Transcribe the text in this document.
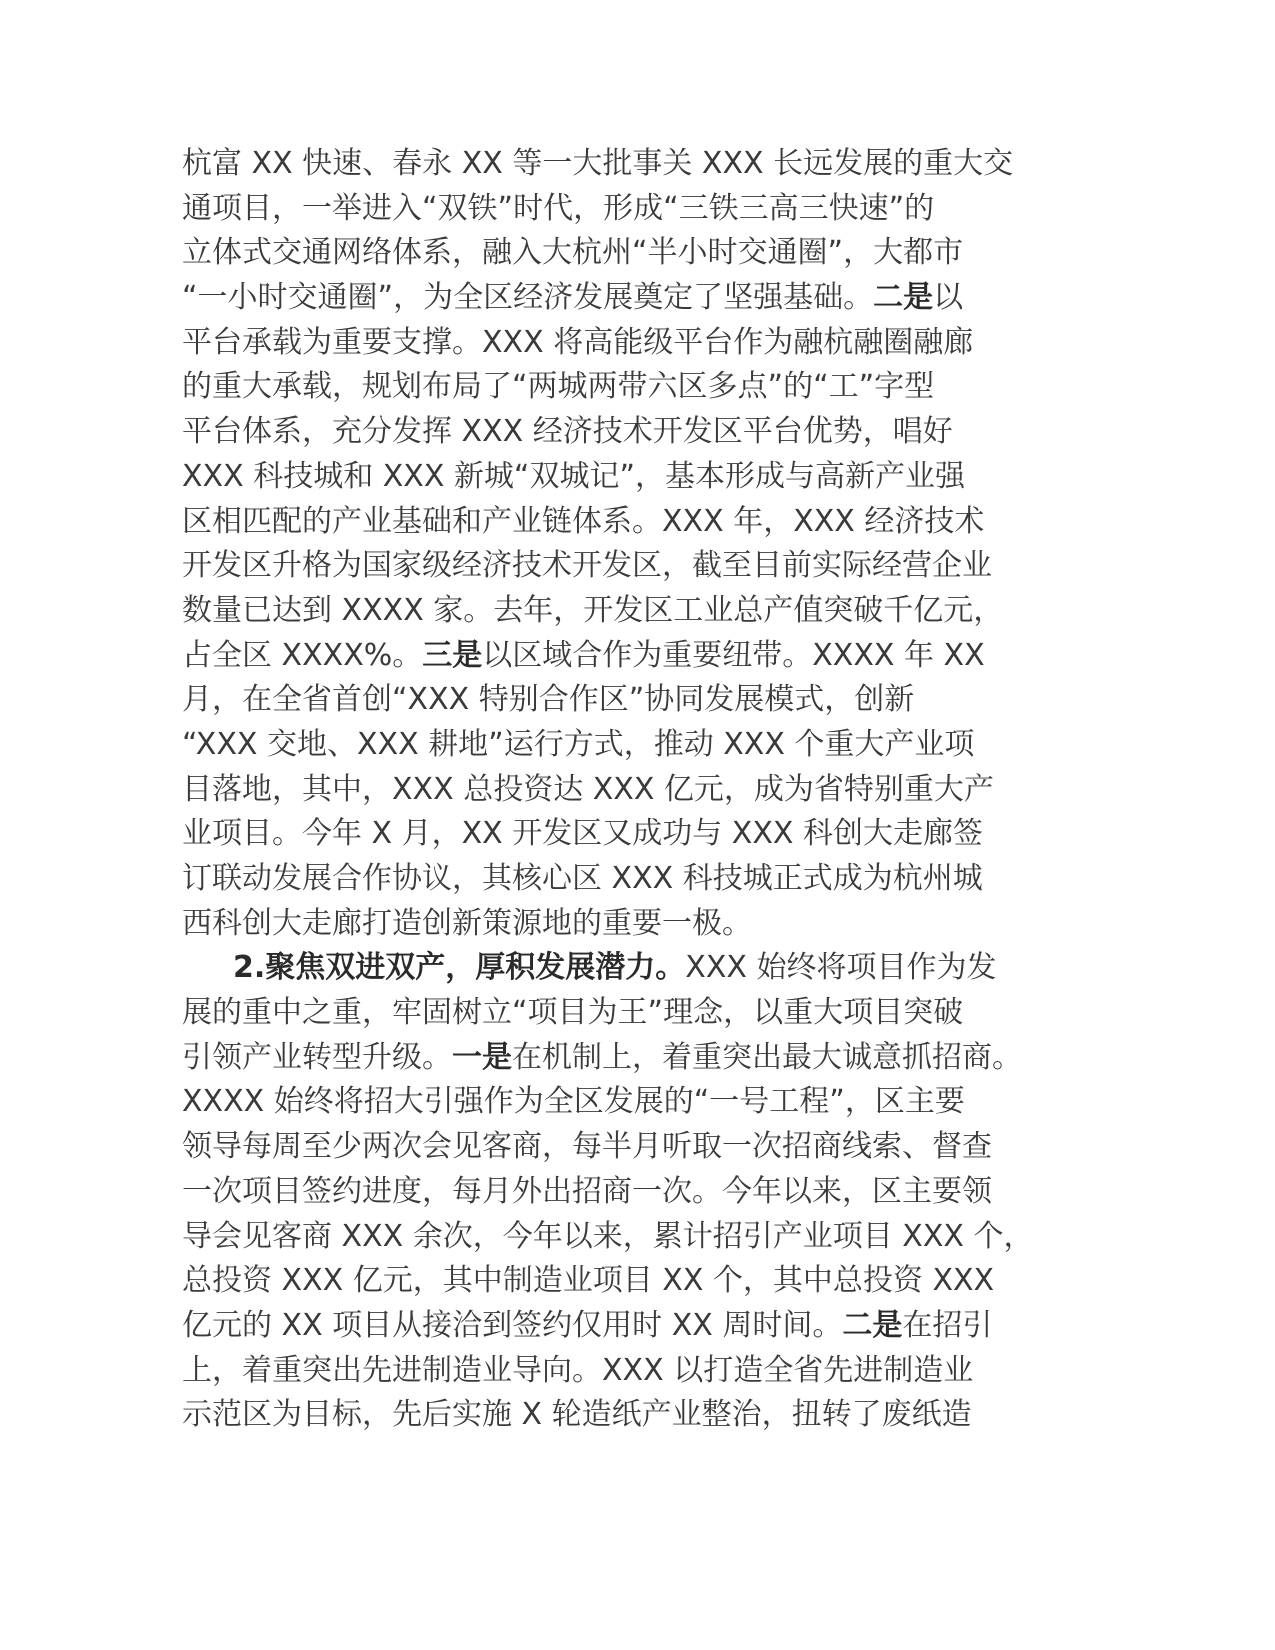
杭富 XX 快速、春永 XX 等一大批事关 XXX 长远发展的重大交
通项目，一举进入“双铁”时代，形成“三铁三高三快速”的
立体式交通网络体系，融入大杭州“半小时交通圈”，大都市
“一小时交通圈”，为全区经济发展奠定了坚强基础。二是以
平台承载为重要支撑。XXX 将高能级平台作为融杭融圈融廊
的重大承载，规划布局了“两城两带六区多点”的“工”字型
平台体系，充分发挥 XXX 经济技术开发区平台优势，唱好
XXX 科技城和 XXX 新城“双城记”，基本形成与高新产业强
区相匹配的产业基础和产业链体系。XXX 年，XXX 经济技术
开发区升格为国家级经济技术开发区，截至目前实际经营企业
数量已达到 XXXX 家。去年，开发区工业总产值突破千亿元，
占全区 XXXX%。三是以区域合作为重要纽带。XXXX 年 XX
月，在全省首创“XXX 特别合作区”协同发展模式，创新
“XXX 交地、XXX 耕地”运行方式，推动 XXX 个重大产业项
目落地，其中，XXX 总投资达 XXX 亿元，成为省特别重大产
业项目。今年 X 月，XX 开发区又成功与 XXX 科创大走廊签
订联动发展合作协议，其核心区 XXX 科技城正式成为杭州城
西科创大走廊打造创新策源地的重要一极。
2.聚焦双进双产，厚积发展潜力。XXX 始终将项目作为发
展的重中之重，牢固树立“项目为王”理念，以重大项目突破
引领产业转型升级。一是在机制上，着重突出最大诚意抓招商。
XXXX 始终将招大引强作为全区发展的“一号工程”，区主要
领导每周至少两次会见客商，每半月听取一次招商线索、督查
一次项目签约进度，每月外出招商一次。今年以来，区主要领
导会见客商 XXX 余次，今年以来，累计招引产业项目 XXX 个，
总投资 XXX 亿元，其中制造业项目 XX 个，其中总投资 XXX
亿元的 XX 项目从接洽到签约仅用时 XX 周时间。二是在招引
上，着重突出先进制造业导向。XXX 以打造全省先进制造业
示范区为目标，先后实施 X 轮造纸产业整治，扭转了废纸造
